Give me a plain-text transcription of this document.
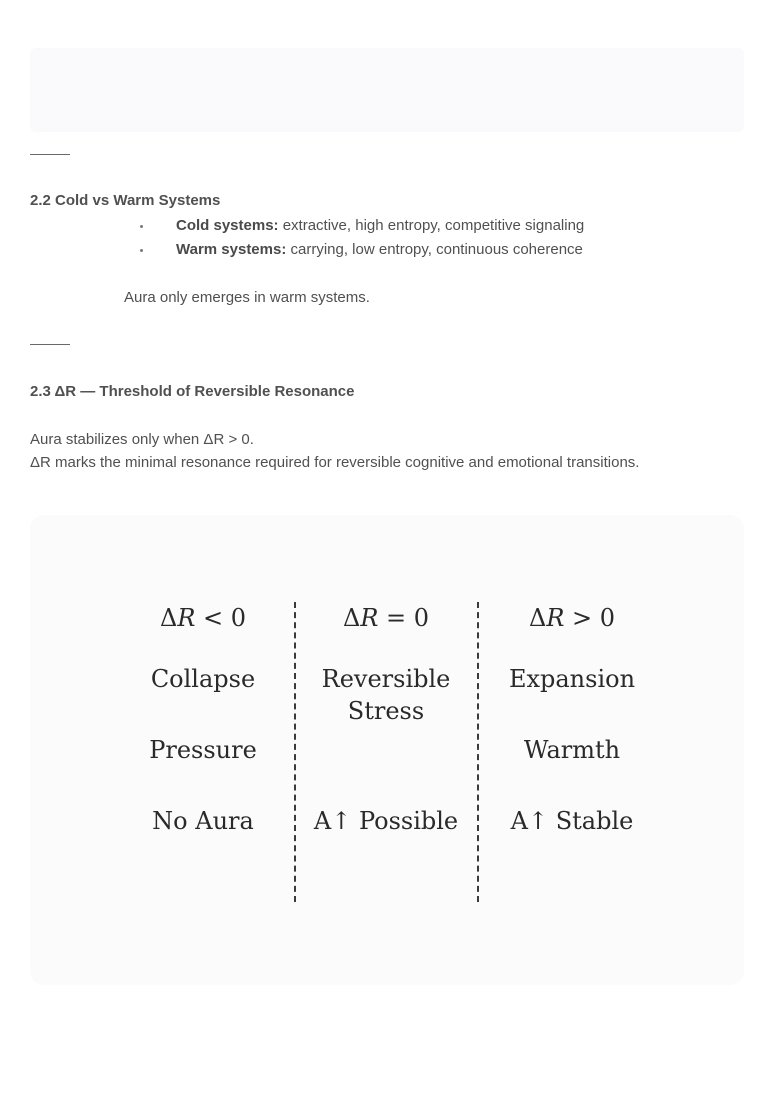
2.2 Cold vs Warm Systems
Cold systems: extractive, high entropy, competitive signaling
Warm systems: carrying, low entropy, continuous coherence

Aura only emerges in warm systems.

2.3 ΔR — Threshold of Reversible Resonance

Aura stabilizes only when ΔR > 0.

ΔR marks the minimal resonance required for reversible cognitive and emotional transitions.

ΔR < 0
Collapse
Pressure
No Aura
ΔR = 0
Reversible
Stress
A↑ Possible
ΔR > 0
Expansion
Warmth
A↑ Stable
